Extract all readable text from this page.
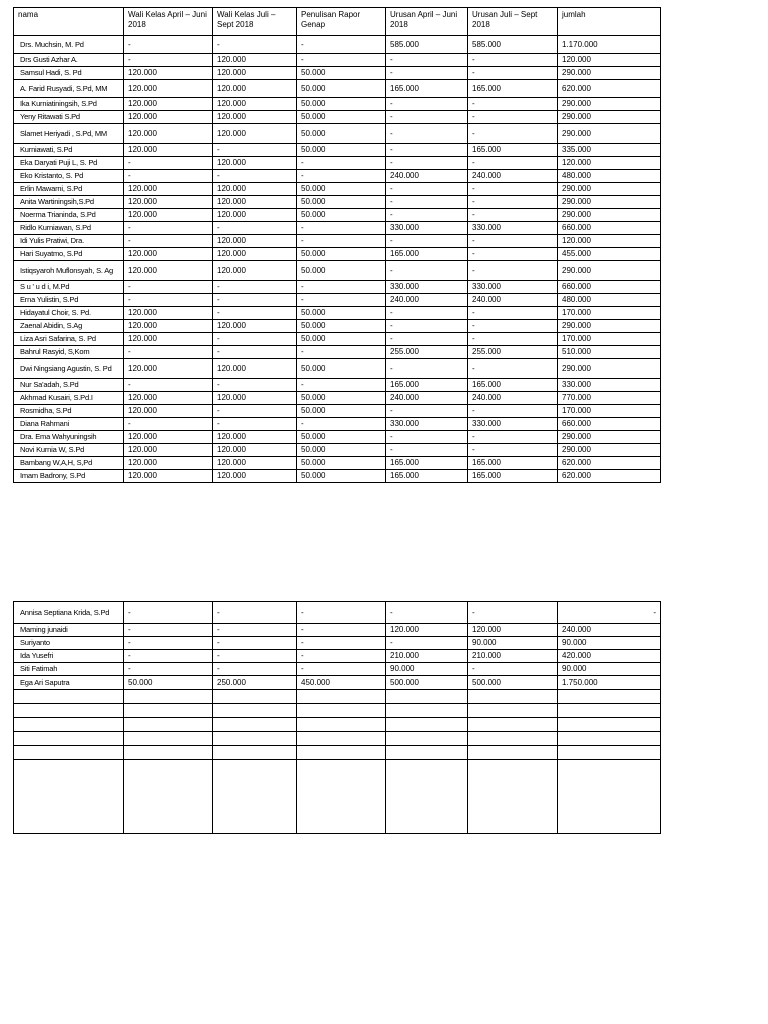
nama	Wali Kelas April – Juni 2018	Wali Kelas Juli – Sept 2018	Penulisan Rapor Genap	Urusan April – Juni 2018	Urusan Juli – Sept 2018	jumlah
Drs. Muchsin, M. Pd	-	-	-	585.000	585.000	1.170.000
Drs Gusti Azhar A.	-	120.000	-	-	-	120.000
Samsul Hadi, S. Pd	120.000	120.000	50.000	-	-	290.000
A. Farid Rusyadi, S.Pd, MM	120.000	120.000	50.000	165.000	165.000	620.000
Ika Kurniatiningsih, S.Pd	120.000	120.000	50.000	-	-	290.000
Yeny Ritawati S.Pd	120.000	120.000	50.000	-	-	290.000
Slamet Heriyadi , S.Pd, MM	120.000	120.000	50.000	-	-	290.000
Kurniawati, S.Pd	120.000	-	50.000	-	165.000	335.000
Eka Daryati Puji L, S. Pd	-	120.000	-	-	-	120.000
Eko Kristanto, S. Pd	-	-	-	240.000	240.000	480.000
Erlin Mawarni, S.Pd	120.000	120.000	50.000	-	-	290.000
Anita Wartiningsih,S.Pd	120.000	120.000	50.000	-	-	290.000
Noerma Trianinda, S.Pd	120.000	120.000	50.000	-	-	290.000
Ridlo Kurniawan, S.Pd	-	-	-	330.000	330.000	660.000
Idi Yulis Pratiwi, Dra.	-	120.000	-	-	-	120.000
Hari Suyatmo, S.Pd	120.000	120.000	50.000	165.000	-	455.000
Istiqsyaroh Muflonsyah, S. Ag	120.000	120.000	50.000	-	-	290.000
S u ' u d i, M.Pd	-	-	-	330.000	330.000	660.000
Erna Yulistin, S.Pd	-	-	-	240.000	240.000	480.000
Hidayatul Choir, S. Pd.	120.000	-	50.000	-	-	170.000
Zaenal Abidin, S.Ag	120.000	120.000	50.000	-	-	290.000
Liza Asri Safarina, S. Pd	120.000	-	50.000	-	-	170.000
Bahrul Rasyid, S,Kom	-	-	-	255.000	255.000	510.000
Dwi Ningsiang Agustin, S. Pd	120.000	120.000	50.000	-	-	290.000
Nur Sa'adah, S.Pd	-	-	-	165.000	165.000	330.000
Akhmad Kusairi, S.Pd.I	120.000	120.000	50.000	240.000	240.000	770.000
Rosmidha, S.Pd	120.000	-	50.000	-	-	170.000
Diana Rahmani	-	-	-	330.000	330.000	660.000
Dra. Ema Wahyuningsih	120.000	120.000	50.000	-	-	290.000
Novi Kurnia W, S.Pd	120.000	120.000	50.000	-	-	290.000
Bambang W,A,H, S,Pd	120.000	120.000	50.000	165.000	165.000	620.000
Imam Badrony, S.Pd	120.000	120.000	50.000	165.000	165.000	620.000
Annisa Septiana Krida, S.Pd	-	-	-	-	-	-
Maming junaidi	-	-	-	120.000	120.000	240.000
Suriyanto	-	-	-	-	90.000	90.000
Ida Yusefri	-	-	-	210.000	210.000	420.000
Siti Fatimah	-	-	-	90.000	-	90.000
Ega Ari Saputra	50.000	250.000	450.000	500.000	500.000	1.750.000
